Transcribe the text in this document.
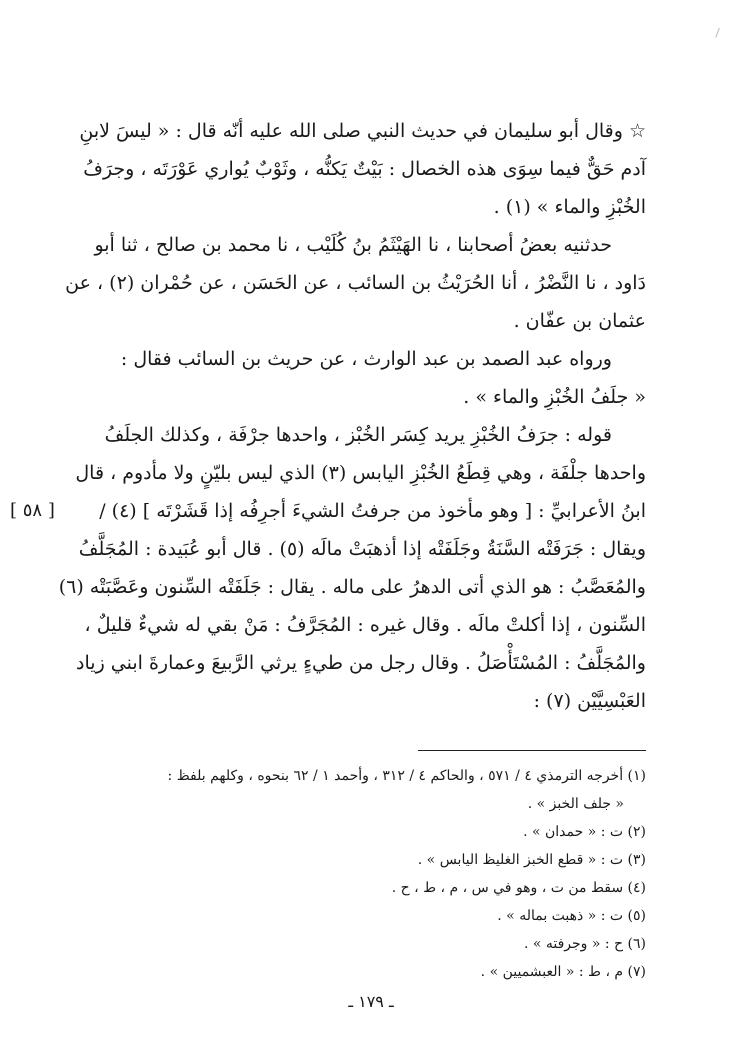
☆ وقال أبو سليمان في حديث النبي صلى الله عليه أنّه قال : « ليسَ لابنِ
آدم حَقٌّ فيما سِوَى هذه الخصال : بَيْتٌ يَكنُّه ، وثَوْبٌ يُواري عَوْرَتَه ، وجرَفُ
الخُبْزِ والماء » (١) .
حدثنيه بعضُ أصحابنا ، نا الهَيْثَمُ بنُ كُلَيْب ، نا محمد بن صالح ، ثنا أبو
دَاود ، نا النَّضْرُ ، أنا الحُرَيْثُ بن السائب ، عن الحَسَن ، عن حُمْران (٢) ، عن
عثمان بن عفّان .
ورواه عبد الصمد بن عبد الوارث ، عن حريث بن السائب فقال :
« جلَفُ الخُبْزِ والماء » .
قوله : جرَفُ الخُبْزِ يريد كِسَر الخُبْز ، واحدها جرْفَة ، وكذلك الجلَفُ
واحدها جلْفَة ، وهي قِطَعُ الخُبْزِ اليابس (٣) الذي ليس بليّنٍ ولا مأدوم ، قال
ابنُ الأعرابيِّ : [ وهو مأخوذ من جرفتُ الشيءَ أجرِفُه إذا قَشَرْتَه ] (٤) /
ويقال : جَرَفَتْه السَّنَةُ وجَلَفَتْه إذا أذهبَتْ مالَه (٥) . قال أبو عُبَيدة : المُجَلَّفُ
والمُعَصَّبُ : هو الذي أتى الدهرُ على ماله . يقال : جَلَفَتْه السِّنون وعَصَّبَتْه (٦)
السِّنون ، إذا أكلتْ مالَه . وقال غيره : المُجَرَّفُ : مَنْ بقي له شيءٌ قليلٌ ،
والمُجَلَّفُ : المُسْتَأْصَلُ . وقال رجل من طيءٍ يرثي الرَّبيعَ وعمارةَ ابني زياد
العَبْسِيَّيْن (٧) :
[ ٥٨ ]
(١) أخرجه الترمذي ٤ / ٥٧١ ، والحاكم ٤ / ٣١٢ ، وأحمد ١ / ٦٢ بنحوه ، وكلهم بلفظ :
« جلف الخبز » .
(٢) ت : « حمدان » .
(٣) ت : « قطع الخبز الغليظ اليابس » .
(٤) سقط من ت ، وهو في س ، م ، ط ، ح .
(٥) ت : « ذهبت بماله » .
(٦) ح : « وجرفته » .
(٧) م ، ط : « العبشميين » .
ـ ١٧٩ ـ
